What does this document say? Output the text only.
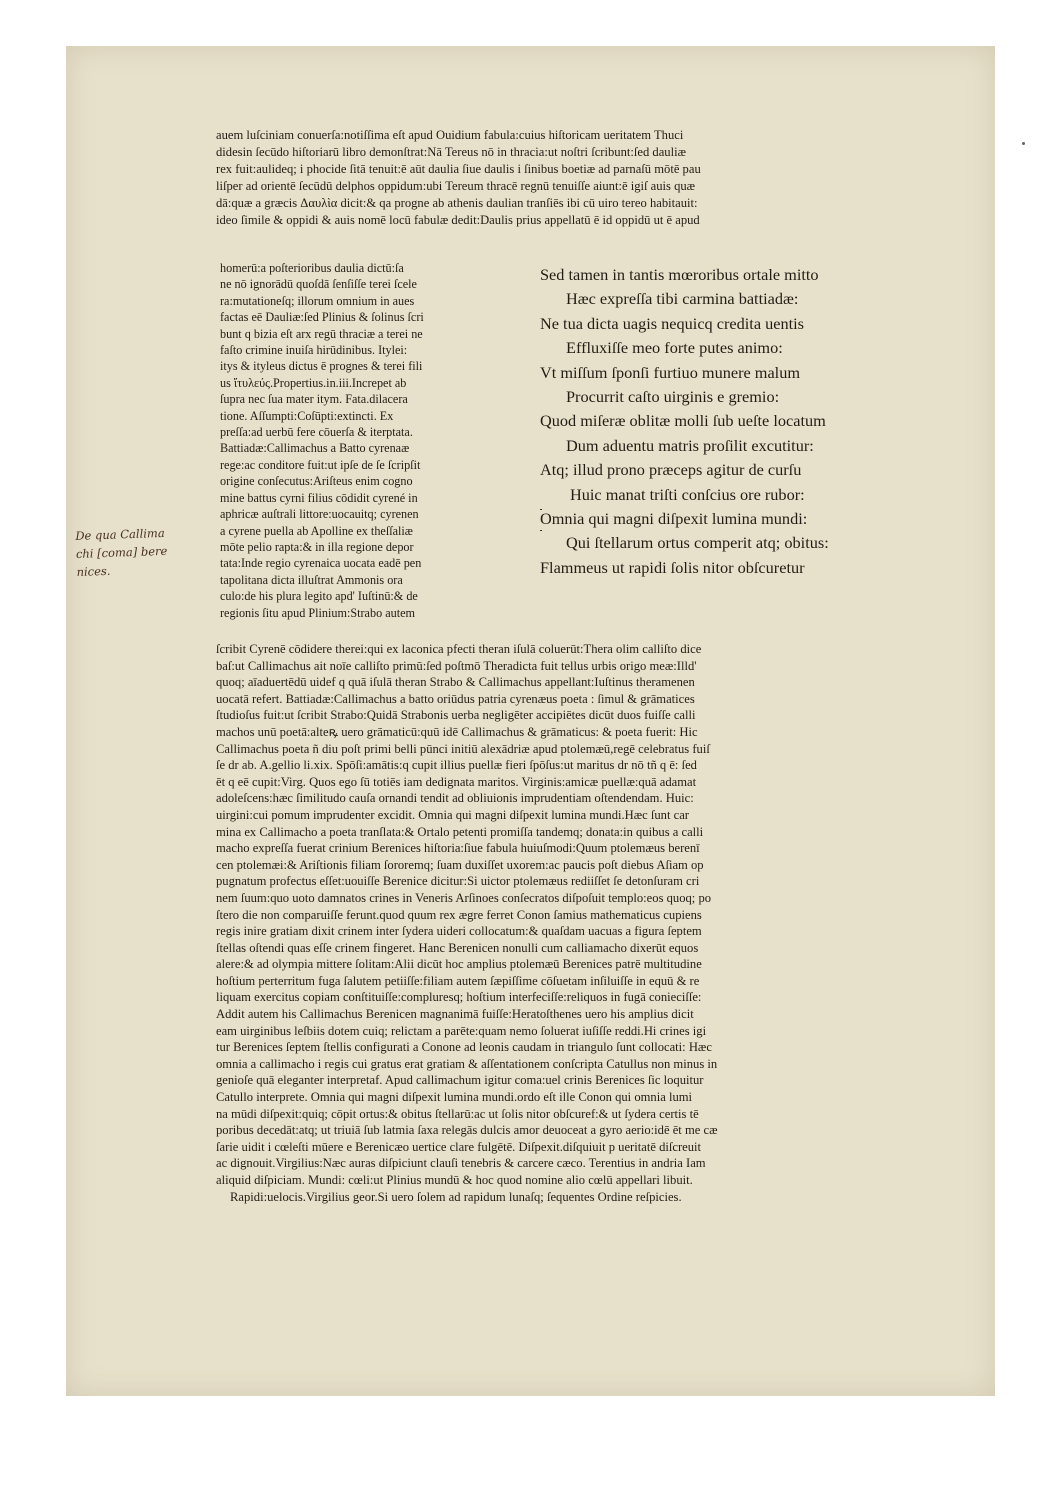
auem luſciniam conuerſa:notiſſima eſt apud Ouidium fabula:cuius hiſtoricam ueritatem Thuci
didesin ſecūdo hiſtoriarū libro demonſtrat:Nā Tereus nō in thracia:ut noſtri ſcribunt:ſed dauliæ
rex fuit:aulideq; i phocide ſitā tenuit:ē aūt daulia ſiue daulis i ſinibus boetiæ ad parnaſū mōtē pau
liſper ad orientē ſecūdū delphos oppidum:ubi Tereum thracē regnū tenuiſſe aiunt:ē igiſ auis quæ
dā:quæ a græcis Δαυλὶα dicit:& qa progne ab athenis daulian tranſiēs ibi cū uiro tereo habitauit:
ideo ſimile & oppidi & auis nomē locū fabulæ dedit:Daulis prius appellatū ē id oppidū ut ē apud
homerū:a poſterioribus daulia dictū:ſa
ne nō ignorādū quoſdā ſenſiſſe terei ſcele
ra:mutationeſq; illorum omnium in aues
factas eē Dauliæ:ſed Plinius & ſolinus ſcri
bunt q bizia eſt arx regū thraciæ a terei ne
faſto crimine inuiſa hirūdinibus. Itylei:
itys & ityleus dictus ē prognes & terei fili
us ἴτυλεύς.Propertius.in.iii.Increpet ab
ſupra nec ſua mater itym. Fata.dilacera
tione. Aſſumpti:Coſūpti:extincti. Ex
preſſa:ad uerbū fere cōuerſa & iterptata.
Battiadæ:Callimachus a Batto cyrenaæ
rege:ac conditore fuit:ut ipſe de ſe ſcripſit
origine conſecutus:Ariſteus enim cogno
mine battus cyrni filius cōdidit cyrené in
aphricæ auſtrali littore:uocauitq; cyrenen
a cyrene puella ab Apolline ex theſſaliæ
mōte pelio rapta:& in illa regione depor
tata:Inde regio cyrenaica uocata eadē pen
tapolitana dicta illuſtrat Ammonis ora
culo:de his plura legito apd' Iuſtinū:& de
regionis ſitu apud Plinium:Strabo autem
Sed tamen in tantis mœroribus ortale mitto
Hæc expreſſa tibi carmina battiadæ:
Ne tua dicta uagis nequicq credita uentis
Effluxiſſe meo forte putes animo:
Vt miſſum ſponſi furtiuo munere malum
Procurrit caſto uirginis e gremio:
Quod miſeræ oblitæ molli ſub ueſte locatum
Dum aduentu matris proſilit excutitur:
Atq; illud prono præceps agitur de curſu
Huic manat triſti conſcius ore rubor:
Omnia qui magni diſpexit lumina mundi:
Qui ſtellarum ortus comperit atq; obitus:
Flammeus ut rapidi ſolis nitor obſcuretur
ſcribit Cyrenē cōdidere therei:qui ex laconica pfecti theran iſulā coluerūt:Thera olim calliſto dice
baſ:ut Callimachus ait noīe calliſto primū:ſed poſtmō Theradicta fuit tellus urbis origo meæ:Illd'
quoq; aīaduertēdū uidef q quā iſulā theran Strabo & Callimachus appellant:Iuſtinus theramenen
uocatā refert. Battiadæ:Callimachus a batto oriūdus patria cyrenæus poeta : ſimul & grāmatices
ſtudioſus fuit:ut ſcribit Strabo:Quidā Strabonis uerba negligēter accipiētes dicūt duos fuiſſe calli
machos unū poetā:alteꝶ uero grāmaticū:quū idē Callimachus & grāmaticus: & poeta fuerit: Hic
Callimachus poeta ñ diu poſt primi belli pūnci initiū alexādriæ apud ptolemæū,regē celebratus fuiſ
ſe dr ab. A.gellio li.xix. Spōſi:amātis:q cupit illius puellæ fieri ſpōſus:ut maritus dr nō tñ q ē: ſed
ēt q eē cupit:Virg. Quos ego ſū totiēs iam dedignata maritos. Virginis:amicæ puellæ:quā adamat
adoleſcens:hæc ſimilitudo cauſa ornandi tendit ad obliuionis imprudentiam oſtendendam. Huic:
uirgini:cui pomum imprudenter excidit. Omnia qui magni diſpexit lumina mundi.Hæc ſunt car
mina ex Callimacho a poeta tranſlata:& Ortalo petenti promiſſa tandemq; donata:in quibus a calli
macho expreſſa fuerat crinium Berenices hiſtoria:ſiue fabula huiuſmodi:Quum ptolemæus berenī
cen ptolemæi:& Ariſtionis filiam ſororemq; ſuam duxiſſet uxorem:ac paucis poſt diebus Aſiam op
pugnatum profectus eſſet:uouiſſe Berenice dicitur:Si uictor ptolemæus rediiſſet ſe detonſuram cri
nem ſuum:quo uoto damnatos crines in Veneris Arſinoes conſecratos diſpoſuit templo:eos quoq; po
ſtero die non comparuiſſe ferunt.quod quum rex ægre ferret Conon ſamius mathematicus cupiens
regis inire gratiam dixit crinem inter ſydera uideri collocatum:& quaſdam uacuas a figura ſeptem
ſtellas oſtendi quas eſſe crinem fingeret. Hanc Berenicen nonulli cum calliamacho dixerūt equos
alere:& ad olympia mittere ſolitam:Alii dicūt hoc amplius ptolemæū Berenices patrē multitudine
hoſtium perterritum fuga ſalutem petiiſſe:filiam autem ſæpiſſime cōſuetam inſiluiſſe in equū & re
liquam exercitus copiam conſtituiſſe:compluresq; hoſtium interfeciſſe:reliquos in fugā conieciſſe:
Addit autem his Callimachus Berenicen magnanimā fuiſſe:Heratoſthenes uero his amplius dicit
eam uirginibus leſbiis dotem cuiq; relictam a parēte:quam nemo ſoluerat iuſiſſe reddi.Hi crines igi
tur Berenices ſeptem ſtellis configurati a Conone ad leonis caudam in triangulo ſunt collocati: Hæc
omnia a callimacho i regis cui gratus erat gratiam & aſſentationem conſcripta Catullus non minus in
genioſe quā eleganter interpretaf. Apud callimachum igitur coma:uel crinis Berenices ſic loquitur
Catullo interprete. Omnia qui magni diſpexit lumina mundi.ordo eſt ille Conon qui omnia lumi
na mūdi diſpexit:quiq; cōpit ortus:& obitus ſtellarū:ac ut ſolis nitor obſcuref:& ut ſydera certis tē
poribus decedāt:atq; ut triuiā ſub latmia ſaxa relegās dulcis amor deuoceat a gyro aerio:idē ēt me cæ
ſarie uidit i cœleſti mūere e Berenicæo uertice clare fulgētē. Diſpexit.diſquiuit p ueritatē diſcreuit
ac dignouit.Virgilius:Næc auras diſpiciunt clauſi tenebris & carcere cæco. Terentius in andria Iam
aliquid diſpiciam. Mundi: cœli:ut Plinius mundū & hoc quod nomine alio cœlū appellari libuit.
Rapidi:uelocis.Virgilius geor.Si uero ſolem ad rapidum lunaſq; ſequentes Ordine reſpicies.
De qua Callima
chi [coma] bere
nices.
